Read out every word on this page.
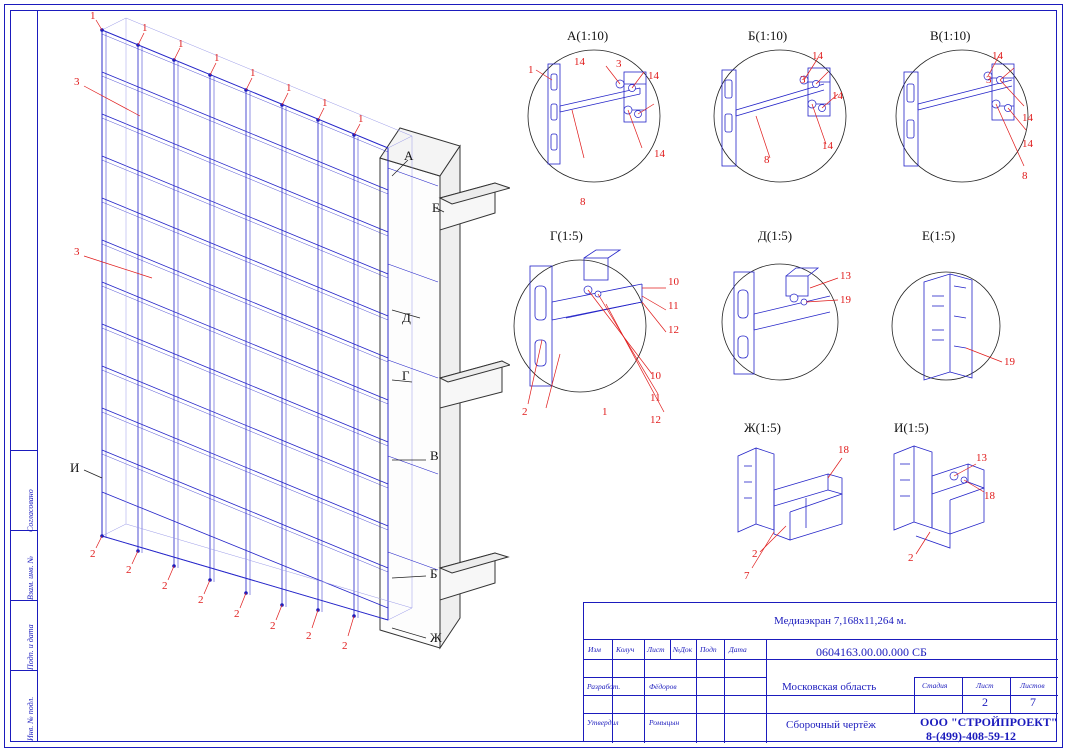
Согласовано
Взам. инв. №
Подп. и дата
Инв. № подл.
1
1
1
1
1
1
1
1
3
3
2
2
2
2
2
2
2
2
А
Е
Д
Г
В
Б
Ж
И
А(1:10)
1
14	3
14
14
8
Б(1:10)
14
3
14
14
8
В(1:10)
14
3
14
14
8
Г(1:5)
10
11
12
10
11
12
2	1
Д(1:5)
13
19
Е(1:5)
19
Ж(1:5)
18
2
7
И(1:5)
13
18
2
Медиаэкран 7,168х11,264 м.
0604163.00.00.000 СБ
Изм Колуч Лист №Док Подп Дата
Разработ.	Фёдоров
Утвердил	Ромыцын
Московская область
Сборочный чертёж
Стадия	Лист	Листов
2	7
ООО "СТРОЙПРОЕКТ"
8-(499)-408-59-12
